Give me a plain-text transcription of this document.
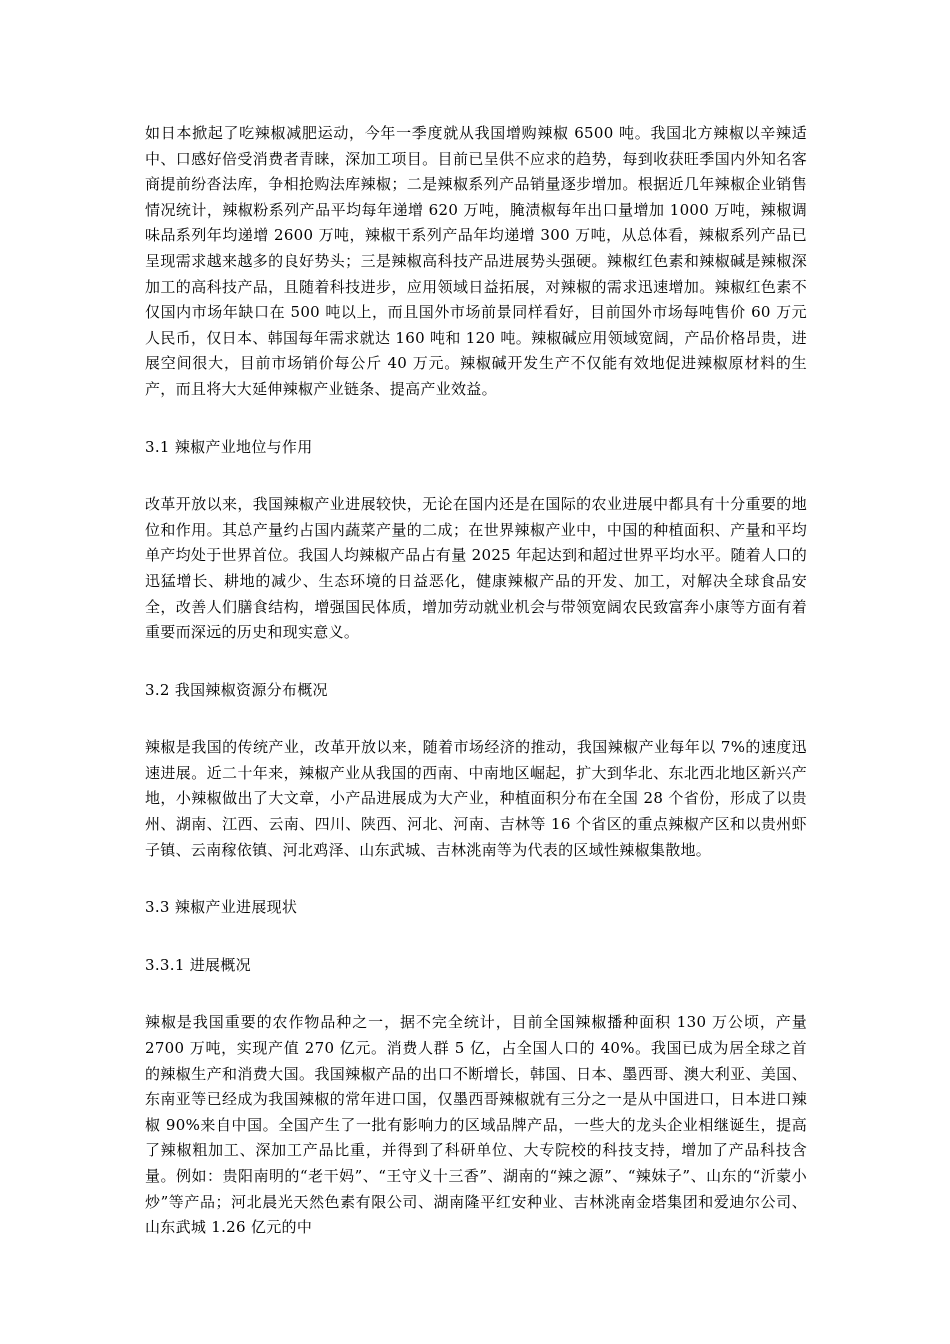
如日本掀起了吃辣椒减肥运动，今年一季度就从我国增购辣椒 6500 吨。我国北方辣椒以辛辣适中、口感好倍受消费者青睐，深加工项目。目前已呈供不应求的趋势，每到收获旺季国内外知名客商提前纷沓法库，争相抢购法库辣椒；二是辣椒系列产品销量逐步增加。根据近几年辣椒企业销售情况统计，辣椒粉系列产品平均每年递增 620 万吨，腌渍椒每年出口量增加 1000 万吨，辣椒调味品系列年均递增 2600 万吨，辣椒干系列产品年均递增 300 万吨，从总体看，辣椒系列产品已呈现需求越来越多的良好势头；三是辣椒高科技产品进展势头强硬。辣椒红色素和辣椒碱是辣椒深加工的高科技产品，且随着科技进步，应用领域日益拓展，对辣椒的需求迅速增加。辣椒红色素不仅国内市场年缺口在 500 吨以上，而且国外市场前景同样看好，目前国外市场每吨售价 60 万元人民币，仅日本、韩国每年需求就达 160 吨和 120 吨。辣椒碱应用领域宽阔，产品价格昂贵，进展空间很大，目前市场销价每公斤 40 万元。辣椒碱开发生产不仅能有效地促进辣椒原材料的生产，而且将大大延伸辣椒产业链条、提高产业效益。

3.1 辣椒产业地位与作用

改革开放以来，我国辣椒产业进展较快，无论在国内还是在国际的农业进展中都具有十分重要的地位和作用。其总产量约占国内蔬菜产量的二成；在世界辣椒产业中，中国的种植面积、产量和平均单产均处于世界首位。我国人均辣椒产品占有量 2025 年起达到和超过世界平均水平。随着人口的迅猛增长、耕地的减少、生态环境的日益恶化，健康辣椒产品的开发、加工，对解决全球食品安全，改善人们膳食结构，增强国民体质，增加劳动就业机会与带领宽阔农民致富奔小康等方面有着重要而深远的历史和现实意义。

3.2 我国辣椒资源分布概况

辣椒是我国的传统产业，改革开放以来，随着市场经济的推动，我国辣椒产业每年以 7%的速度迅速进展。近二十年来，辣椒产业从我国的西南、中南地区崛起，扩大到华北、东北西北地区新兴产地，小辣椒做出了大文章，小产品进展成为大产业，种植面积分布在全国 28 个省份，形成了以贵州、湖南、江西、云南、四川、陕西、河北、河南、吉林等 16 个省区的重点辣椒产区和以贵州虾子镇、云南稼依镇、河北鸡泽、山东武城、吉林洮南等为代表的区域性辣椒集散地。

3.3 辣椒产业进展现状

3.3.1 进展概况

辣椒是我国重要的农作物品种之一，据不完全统计，目前全国辣椒播种面积 130 万公顷，产量 2700 万吨，实现产值 270 亿元。消费人群 5 亿，占全国人口的 40%。我国已成为居全球之首的辣椒生产和消费大国。我国辣椒产品的出口不断增长，韩国、日本、墨西哥、澳大利亚、美国、东南亚等已经成为我国辣椒的常年进口国，仅墨西哥辣椒就有三分之一是从中国进口，日本进口辣椒 90%来自中国。全国产生了一批有影响力的区域品牌产品，一些大的龙头企业相继诞生，提高了辣椒粗加工、深加工产品比重，并得到了科研单位、大专院校的科技支持，增加了产品科技含量。例如：贵阳南明的“老干妈”、“王守义十三香”、湖南的“辣之源”、“辣妹子”、山东的“沂蒙小炒”等产品；河北晨光天然色素有限公司、湖南隆平红安种业、吉林洮南金塔集团和爱迪尔公司、山东武城 1.26 亿元的中
